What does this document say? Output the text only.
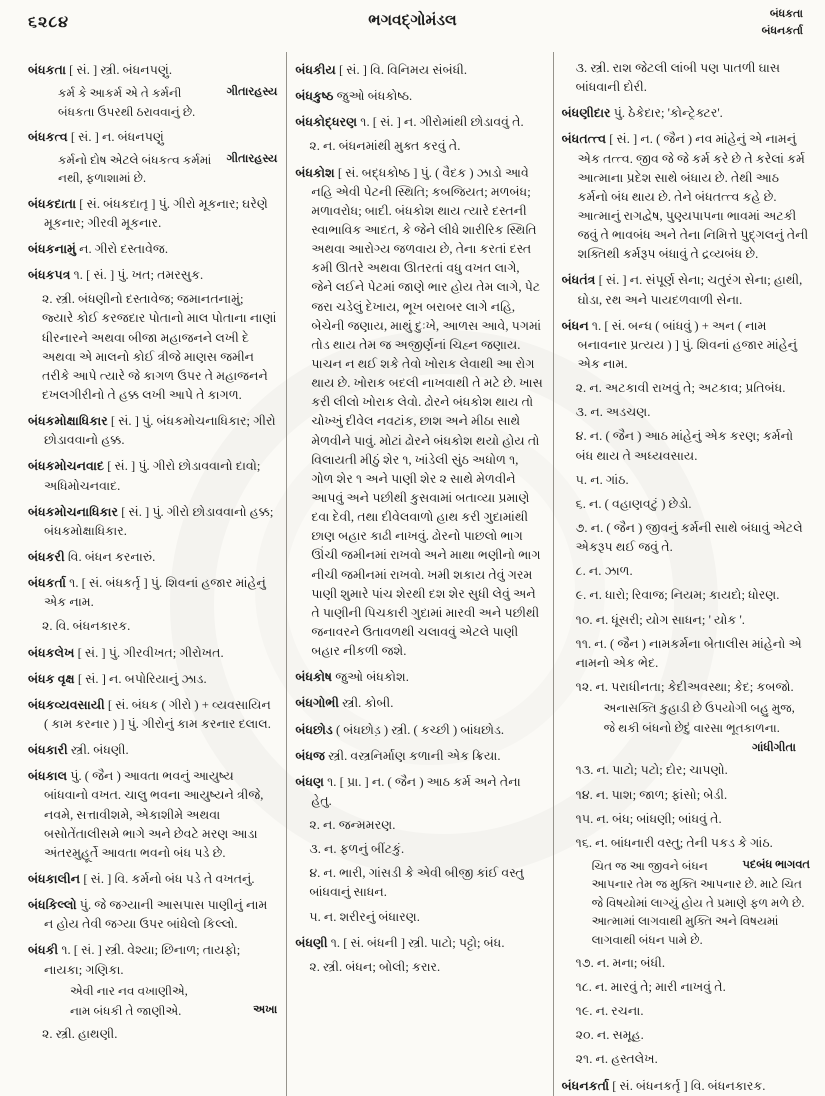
૬૨૮૪	ભગવદ્ગોમંડલ	બંધકતા
બંધનકર્તા

બંધકતા [ સં. ] સ્ત્રી. બંધનપણું.

ગીતારહસ્ય
કર્મ કે આકર્મ એ તે કર્મની બંધકતા ઉપરથી ઠરાવવાનું છે.

બંધકત્વ [ સં. ] ન. બંધનપણું

ગીતારહસ્ય
કર્મનો દોષ એટલે બંધકત્વ કર્મમાં નથી, ફળાશામાં છે.

બંધકદાતા [ સં. બંધકદાતૃ ] પું. ગીરો મૂકનાર; ઘરેણે મૂકનાર; ગીરવી મૂકનાર.

બંધકનામું ન. ગીરો દસ્તાવેજ.

બંધકપત્ર ૧. [ સં. ] પું. ખત; તમરસુક.

૨. સ્ત્રી. બંધણીનો દસ્તાવેજ; જમાનતનામું; જ્યારે કોઈ કરજદાર પોતાનો માલ પોતાના નાણાં ધીરનારને અથવા બીજા મહાજનને લખી દે અથવા એ માલનો કોઈ ત્રીજે માણસ જમીન તરીકે આપે ત્યારે જે કાગળ ઉપર તે મહાજનને દખલગીરીનો તે હક્ક લખી આપે તે કાગળ.

બંધકમોક્ષાધિકાર [ સં. ] પું. બંધકમોચનાધિકાર; ગીરો છોડાવવાનો હક્ક.

બંધકમોચનવાદ [ સં. ] પું. ગીરો છોડાવવાનો દાવો; અધિમોચનવાદ.

બંધકમોચનાધિકાર [ સં. ] પું. ગીરો છોડાવવાનો હક્ક; બંધકમોક્ષાધિકાર.

બંધકરી વિ. બંધન કરનારું.

બંધકર્તા ૧. [ સં. બંધકર્તૃ ] પું. શિવનાં હજાર માંહેનું એક નામ.

૨. વિ. બંધનકારક.

બંધકલેખ [ સં. ] પું. ગીરવીખત; ગીરોખત.

બંધક વૃક્ષ [ સં. ] ન. બપોરિયાનું ઝાડ.

બંધકવ્યવસાયી [ સં. બંધક ( ગીરો ) + વ્યવસાયિન ( કામ કરનાર ) ] પું. ગીરોનું કામ કરનાર દલાલ.

બંધકારી સ્ત્રી. બંધણી.

બંધકાલ પું. ( જૈન ) આવતા ભવનું આયુષ્ય બાંધવાનો વખત. ચાલુ ભવના આયુષ્યને ત્રીજે, નવમે, સત્તાવીશમે, એકાશીમે અથવા બસોતેંતાલીસમે ભાગે અને છેવટે મરણ આડા અંતરમુહૂર્તે આવતા ભવનો બંધ પડે છે.

બંધકાલીન [ સં. ] વિ. કર્મનો બંધ પડે તે વખતનું.

બંધકિલ્લો પું. જે જગ્યાની આસપાસ પાણીનું નામ ન હોય તેવી જગ્યા ઉપર બાંધેલો કિલ્લો.

બંધકી ૧. [ સં. ] સ્ત્રી. વેશ્યા; છિનાળ; તાયફો; નાયકા; ગણિકા.

એવી નાર નવ વખાણીએ,

અખા
નામ બંધકી તે જાણીએ.

૨. સ્ત્રી. હાથણી.

બંધકીય [ સં. ] વિ. વિનિમય સંબંધી.

બંધકુષ્ઠ જુઓ બંધકોષ્ઠ.

બંધકોદ્ધરણ ૧. [ સં. ] ન. ગીરોમાંથી છોડાવવું તે.

૨. ન. બંધનમાંથી મુક્ત કરવું તે.

બંધકોશ [ સં. બદ્ધકોષ્ઠ ] પું. ( વૈદક ) ઝાડો આવે નહિ એવી પેટની સ્થિતિ; કબજિયત; મળબંધ; મળાવરોધ; બાદી. બંધકોશ થાય ત્યારે દસ્તની સ્વાભાવિક આદત, કે જેને લીધે શારીરિક સ્થિતિ અથવા આરોગ્ય જળવાય છે, તેના કરતાં દસ્ત કમી ઊતરે અથવા ઊતરતાં વધુ વખત લાગે, જેને લઈને પેટમાં જાણે ભાર હોય તેમ લાગે, પેટ જરા ચડેલું દેખાય, ભૂખ બરાબર લાગે નહિ, બેચેની જણાય, માથું દુઃખે, આળસ આવે, પગમાં તોડ થાય તેમ જ અજીર્ણનાં ચિહ્ન જણાય. પાચન ન થઈ શકે તેવો ખોરાક લેવાથી આ રોગ થાય છે. ખોરાક બદલી નાખવાથી તે મટે છે. ખાસ કરી લીલો ખોરાક લેવો. ઢોરને બંધકોશ થાય તો ચોખ્ખું દીવેલ નવટાંક, છાશ અને મીઠા સાથે મેળવીને પાવું. મોટાં ઢોરને બંધકોશ થયો હોય તો વિલાયતી મીઠું શેર ૧, ખાંડેલી સુંઠ અધોળ ૧, ગોળ શેર ૧ અને પાણી શેર ૨ સાથે મેળવીને આપવું અને પછીથી કુસવામાં બતાવ્યા પ્રમાણે દવા દેવી, તથા દીવેલવાળો હાથ કરી ગુદામાંથી છાણ બહાર કાઢી નાખવું. ઢોરનો પાછલો ભાગ ઊંચી જમીનમાં રાખવો અને માથા ભણીનો ભાગ નીચી જમીનમાં રાખવો. ખમી શકાય તેવું ગરમ પાણી શુમારે પાંચ શેરથી દશ શેર સુધી લેવું અને તે પાણીની પિચકારી ગુદામાં મારવી અને પછીથી જનાવરને ઉતાવળથી ચલાવવું એટલે પાણી બહાર નીકળી જશે.

બંધકોષ જુઓ બંધકોશ.

બંધગોભી સ્ત્રી. કોબી.

બંધછોડ ( બંધછોડ઼ ) સ્ત્રી. ( કચ્છી ) બાંધછોડ.

બંધજ સ્ત્રી. વસ્ત્રનિર્માણ કળાની એક ક્રિયા.

બંધણ ૧. [ પ્રા. ] ન. ( જૈન ) આઠ કર્મ અને તેના હેતુ.

૨. ન. જન્મમરણ.

૩. ન. ફળનું બીંટકું.

૪. ન. ભારી, ગાંસડી કે એવી બીજી કાંઈ વસ્તુ બાંધવાનું સાધન.

૫. ન. શરીરનું બંધારણ.

બંધણી ૧. [ સં. બંધની ] સ્ત્રી. પાટો; પટ્ટો; બંધ.

૨. સ્ત્રી. બંધન; બોલી; કરાર.

૩. સ્ત્રી. રાશ જેટલી લાંબી પણ પાતળી ઘાસ બાંધવાની દોરી.

બંધણીદાર પું. ઠેકેદાર; 'કોન્ટ્રેક્ટર'.

બંધતત્ત્વ [ સં. ] ન. ( જૈન ) નવ માંહેનું એ નામનું એક તત્ત્વ. જીવ જે જે કર્મ કરે છે તે કરેલાં કર્મ આત્માના પ્રદેશ સાથે બંધાય છે. તેથી આઠ કર્મનો બંધ થાય છે. તેને બંધતત્ત્વ કહે છે. આત્માનું રાગદ્વેષ, પુણ્યપાપના ભાવમાં અટકી જવું તે ભાવબંધ અને તેના નિમિત્તે પુદ્ગલનું તેની શક્તિથી કર્મરૂપ બંધાવું તે દ્રવ્યબંધ છે.

બંધતંત્ર [ સં. ] ન. સંપૂર્ણ સેના; ચતુરંગ સેના; હાથી, ઘોડા, રથ અને પાયદળવાળી સેના.

બંધન ૧. [ સં. બન્ધ ( બાંધવું ) + અન ( નામ બનાવનાર પ્રત્યય ) ] પું. શિવનાં હજાર માંહેનું એક નામ.

૨. ન. અટકાવી રાખવું તે; અટકાવ; પ્રતિબંધ.

૩. ન. અડચણ.

૪. ન. ( જૈન ) આઠ માંહેનું એક કરણ; કર્મનો બંધ થાય તે અધ્યવસાય.

૫. ન. ગાંઠ.

૬. ન. ( વહાણવટું ) છેડો.

૭. ન. ( જૈન ) જીવનું કર્મની સાથે બંધાવું એટલે એકરૂપ થઈ જવું તે.

૮. ન. ઝાળ.

૯. ન. ધારો; રિવાજ; નિયમ; કાયદો; ધોરણ.

૧૦. ન. ધૂંસરી; યોગ સાધન; ' યોક '.

૧૧. ન. ( જૈન ) નામકર્મના બેતાલીસ માંહેનો એ નામનો એક ભેદ.

૧૨. ન. પરાધીનતા; કેદીઅવસ્થા; કેદ; કબજો.

અનાસક્તિ કુહાડી છે ઉપયોગી બહુ મુજ,

જે થકી બંધનો છેદું વારસા ભૂતકાળના.

ગાંધીગીતા

૧૩. ન. પાટો; પટો; દોર; ચાપણો.

૧૪. ન. પાશ; જાળ; ફાંસો; બેડી.

૧૫. ન. બંધ; બાંધણી; બાંધવું તે.

૧૬. ન. બાંધનારી વસ્તુ; તેની પકડ કે ગાંઠ.

પદબંધ ભાગવત
ચિત જ આ જીવને બંધન આપનાર તેમ જ મુક્તિ આપનાર છે. માટે ચિત જે વિષયોમાં લાગ્યું હોય તે પ્રમાણે ફળ મળે છે. આત્મામાં લાગવાથી મુક્તિ અને વિષયમાં લાગવાથી બંધન પામે છે.

૧૭. ન. મના; બંધી.

૧૮. ન. મારવું તે; મારી નાખવું તે.

૧૯. ન. રચના.

૨૦. ન. સમૂહ.

૨૧. ન. હસ્તલેખ.

બંધનકર્તા [ સં. બંધનકર્તૃ ] વિ. બંધનકારક.
